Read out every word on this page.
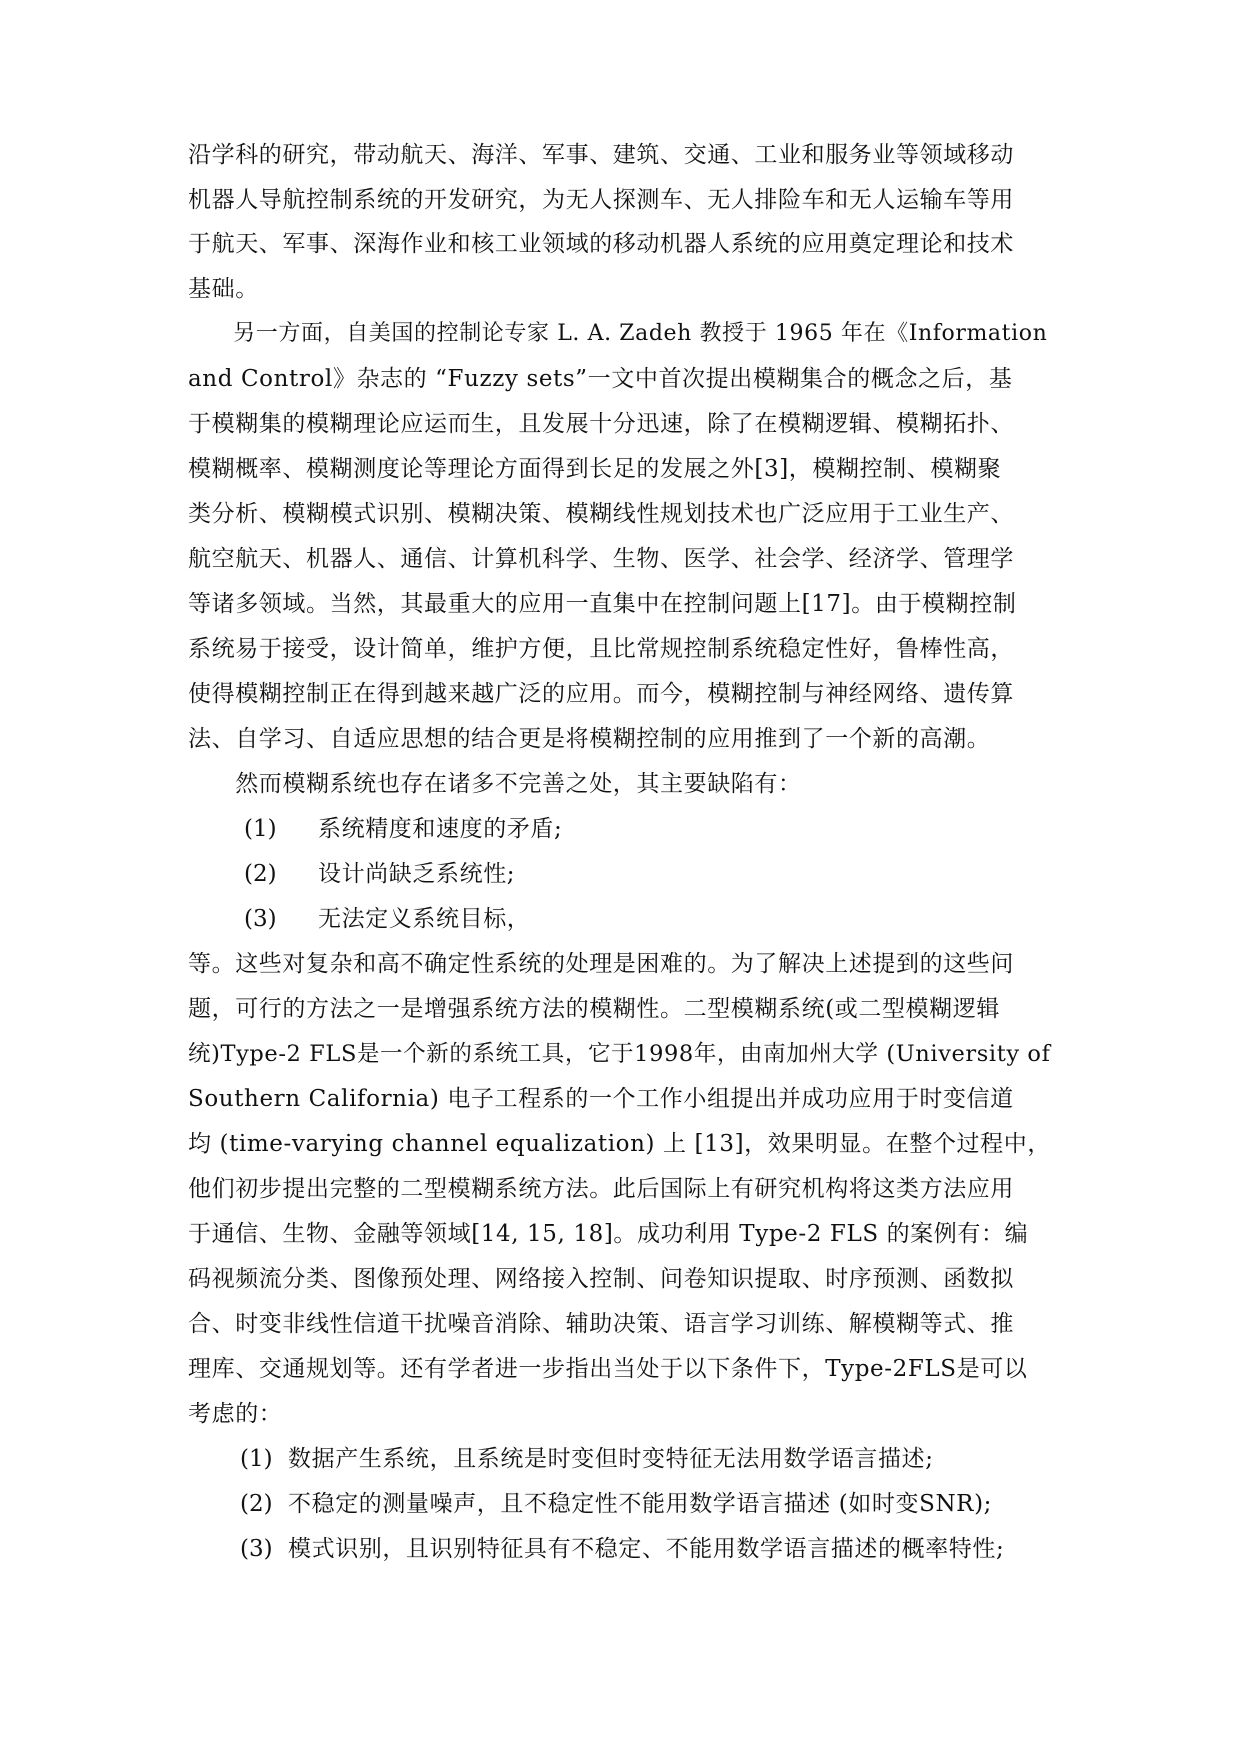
沿学科的研究，带动航天、海洋、军事、建筑、交通、工业和服务业等领域移动
机器人导航控制系统的开发研究，为无人探测车、无人排险车和无人运输车等用
于航天、军事、深海作业和核工业领域的移动机器人系统的应用奠定理论和技术
基础。
　　另一方面，自美国的控制论专家 L. A. Zadeh 教授于 1965 年在《Information
and Control》杂志的 “Fuzzy sets”一文中首次提出模糊集合的概念之后，基
于模糊集的模糊理论应运而生，且发展十分迅速，除了在模糊逻辑、模糊拓扑、
模糊概率、模糊测度论等理论方面得到长足的发展之外[3]，模糊控制、模糊聚
类分析、模糊模式识别、模糊决策、模糊线性规划技术也广泛应用于工业生产、
航空航天、机器人、通信、计算机科学、生物、医学、社会学、经济学、管理学
等诸多领域。当然，其最重大的应用一直集中在控制问题上[17]。由于模糊控制
系统易于接受，设计简单，维护方便，且比常规控制系统稳定性好，鲁棒性高，
使得模糊控制正在得到越来越广泛的应用。而今，模糊控制与神经网络、遗传算
法、自学习、自适应思想的结合更是将模糊控制的应用推到了一个新的高潮。
　　然而模糊系统也存在诸多不完善之处，其主要缺陷有：
(1) 系统精度和速度的矛盾;
(2) 设计尚缺乏系统性;
(3) 无法定义系统目标，
等。这些对复杂和高不确定性系统的处理是困难的。为了解决上述提到的这些问
题，可行的方法之一是增强系统方法的模糊性。二型模糊系统(或二型模糊逻辑
统)Type-2 FLS是一个新的系统工具，它于1998年，由南加州大学 (University of
Southern California) 电子工程系的一个工作小组提出并成功应用于时变信道
均 (time-varying channel equalization) 上 [13]，效果明显。在整个过程中，
他们初步提出完整的二型模糊系统方法。此后国际上有研究机构将这类方法应用
于通信、生物、金融等领域[14, 15, 18]。成功利用 Type-2 FLS 的案例有：编
码视频流分类、图像预处理、网络接入控制、问卷知识提取、时序预测、函数拟
合、时变非线性信道干扰噪音消除、辅助决策、语言学习训练、解模糊等式、推
理库、交通规划等。还有学者进一步指出当处于以下条件下，Type-2FLS是可以
考虑的：
(1) 数据产生系统，且系统是时变但时变特征无法用数学语言描述;
(2) 不稳定的测量噪声，且不稳定性不能用数学语言描述 (如时变SNR);
(3) 模式识别，且识别特征具有不稳定、不能用数学语言描述的概率特性;
